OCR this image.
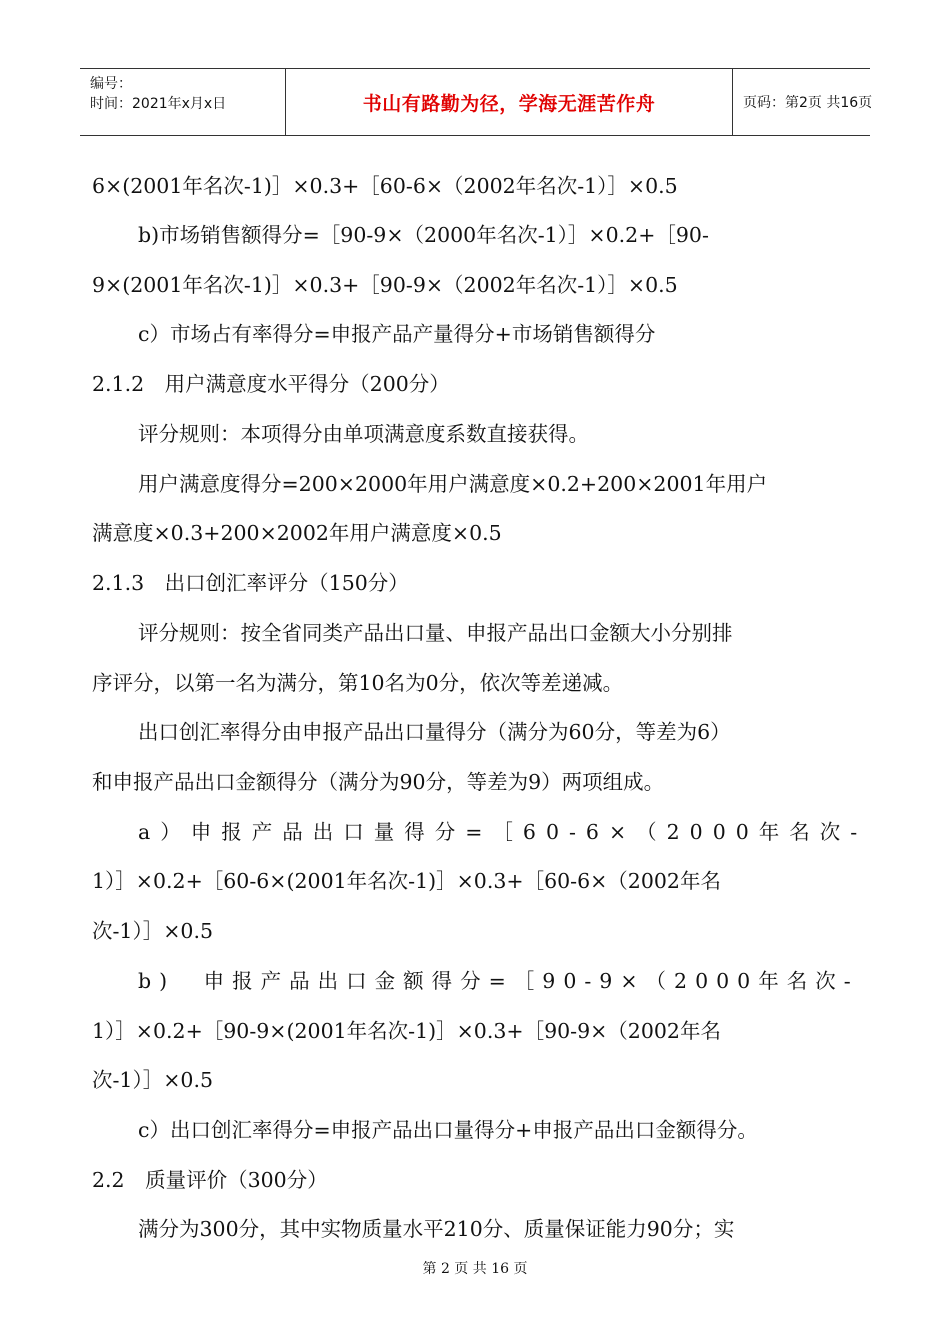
编号：
时间：2021年x月x日	书山有路勤为径，学海无涯苦作舟	页码：第2页 共16页
6×(2001年名次-1)］×0.3+［60-6×（2002年名次-1）］×0.5
b)市场销售额得分=［90-9×（2000年名次-1）］×0.2+［90-
9×(2001年名次-1)］×0.3+［90-9×（2002年名次-1）］×0.5
c）市场占有率得分=申报产品产量得分+市场销售额得分
2.1.2　用户满意度水平得分（200分）
评分规则：本项得分由单项满意度系数直接获得。
用户满意度得分=200×2000年用户满意度×0.2+200×2001年用户
满意度×0.3+200×2002年用户满意度×0.5
2.1.3　出口创汇率评分（150分）
评分规则：按全省同类产品出口量、申报产品出口金额大小分别排
序评分，以第一名为满分，第10名为0分，依次等差递减。
出口创汇率得分由申报产品出口量得分（满分为60分，等差为6）
和申报产品出口金额得分（满分为90分，等差为9）两项组成。
a）申报产品出口量得分=［60-6×（2000年名次-
1）］×0.2+［60-6×(2001年名次-1)］×0.3+［60-6×（2002年名
次-1）］×0.5
b)　申报产品出口金额得分=［90-9×（2000年名次-
1）］×0.2+［90-9×(2001年名次-1)］×0.3+［90-9×（2002年名
次-1）］×0.5
c）出口创汇率得分=申报产品出口量得分+申报产品出口金额得分。
2.2　质量评价（300分）
满分为300分，其中实物质量水平210分、质量保证能力90分；实
第 2 页 共 16 页
